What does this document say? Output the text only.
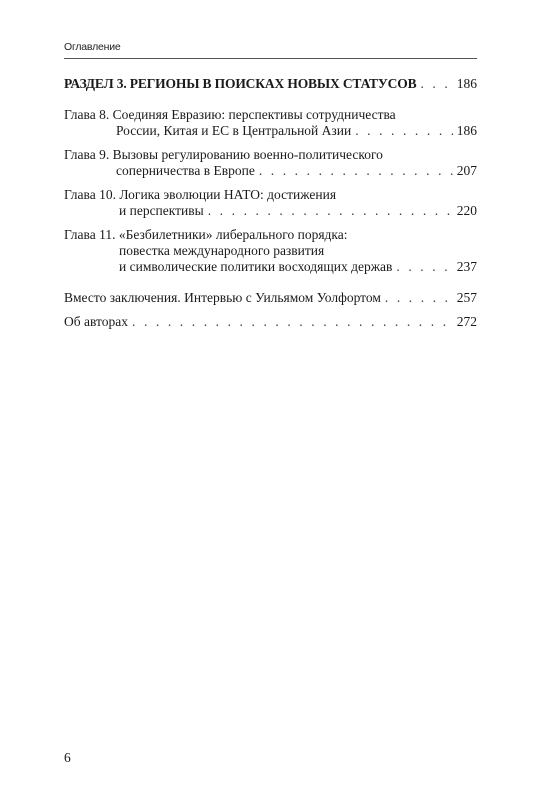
Оглавление
РАЗДЕЛ 3. РЕГИОНЫ В ПОИСКАХ НОВЫХ СТАТУСОВ . . .	186
Глава 8. Соединяя Евразию: перспективы сотрудничества
России, Китая и ЕС в Центральной Азии . . .	186
Глава 9. Вызовы регулированию военно-политического
соперничества в Европе . . .	207
Глава 10. Логика эволюции НАТО: достижения
и перспективы . . .	220
Глава 11. «Безбилетники» либерального порядка:
повестка международного развития
и символические политики восходящих держав . . .	237
Вместо заключения. Интервью с Уильямом Уолфортом . . .	257
Об авторах . . .	272
6
